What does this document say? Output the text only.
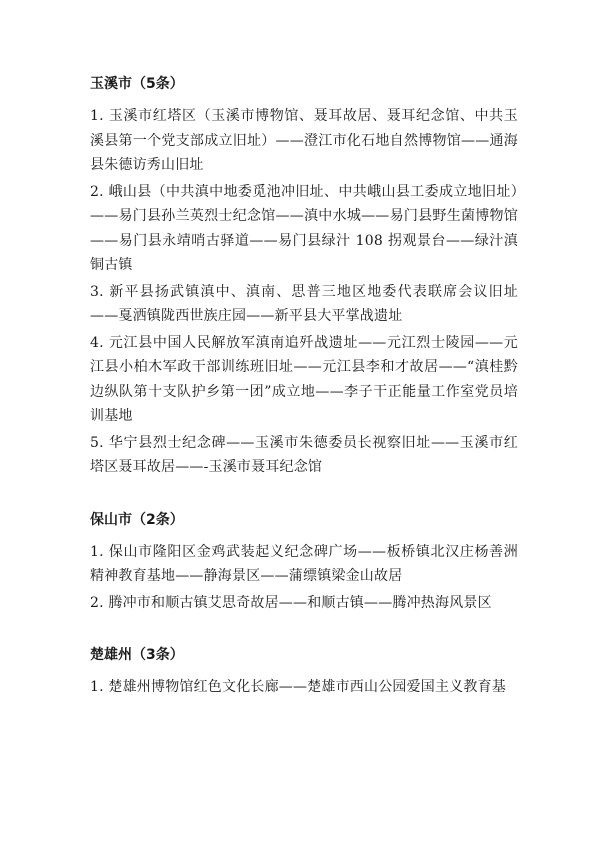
玉溪市（5条）
1. 玉溪市红塔区（玉溪市博物馆、聂耳故居、聂耳纪念馆、中共玉溪县第一个党支部成立旧址）——澄江市化石地自然博物馆——通海县朱德访秀山旧址
2. 峨山县（中共滇中地委觅池冲旧址、中共峨山县工委成立地旧址）——易门县孙兰英烈士纪念馆——滇中水城——易门县野生菌博物馆——易门县永靖哨古驿道——易门县绿汁 108 拐观景台——绿汁滇铜古镇
3. 新平县扬武镇滇中、滇南、思普三地区地委代表联席会议旧址——戛洒镇陇西世族庄园——新平县大平掌战遗址
4. 元江县中国人民解放军滇南追歼战遗址——元江烈士陵园——元江县小柏木军政干部训练班旧址——元江县李和才故居——“滇桂黔边纵队第十支队护乡第一团”成立地——李子干正能量工作室党员培训基地
5. 华宁县烈士纪念碑——玉溪市朱德委员长视察旧址——玉溪市红塔区聂耳故居——-玉溪市聂耳纪念馆
保山市（2条）
1. 保山市隆阳区金鸡武装起义纪念碑广场——板桥镇北汉庄杨善洲精神教育基地——静海景区——蒲缥镇梁金山故居
2. 腾冲市和顺古镇艾思奇故居——和顺古镇——腾冲热海风景区
楚雄州（3条）
1. 楚雄州博物馆红色文化长廊——楚雄市西山公园爱国主义教育基
